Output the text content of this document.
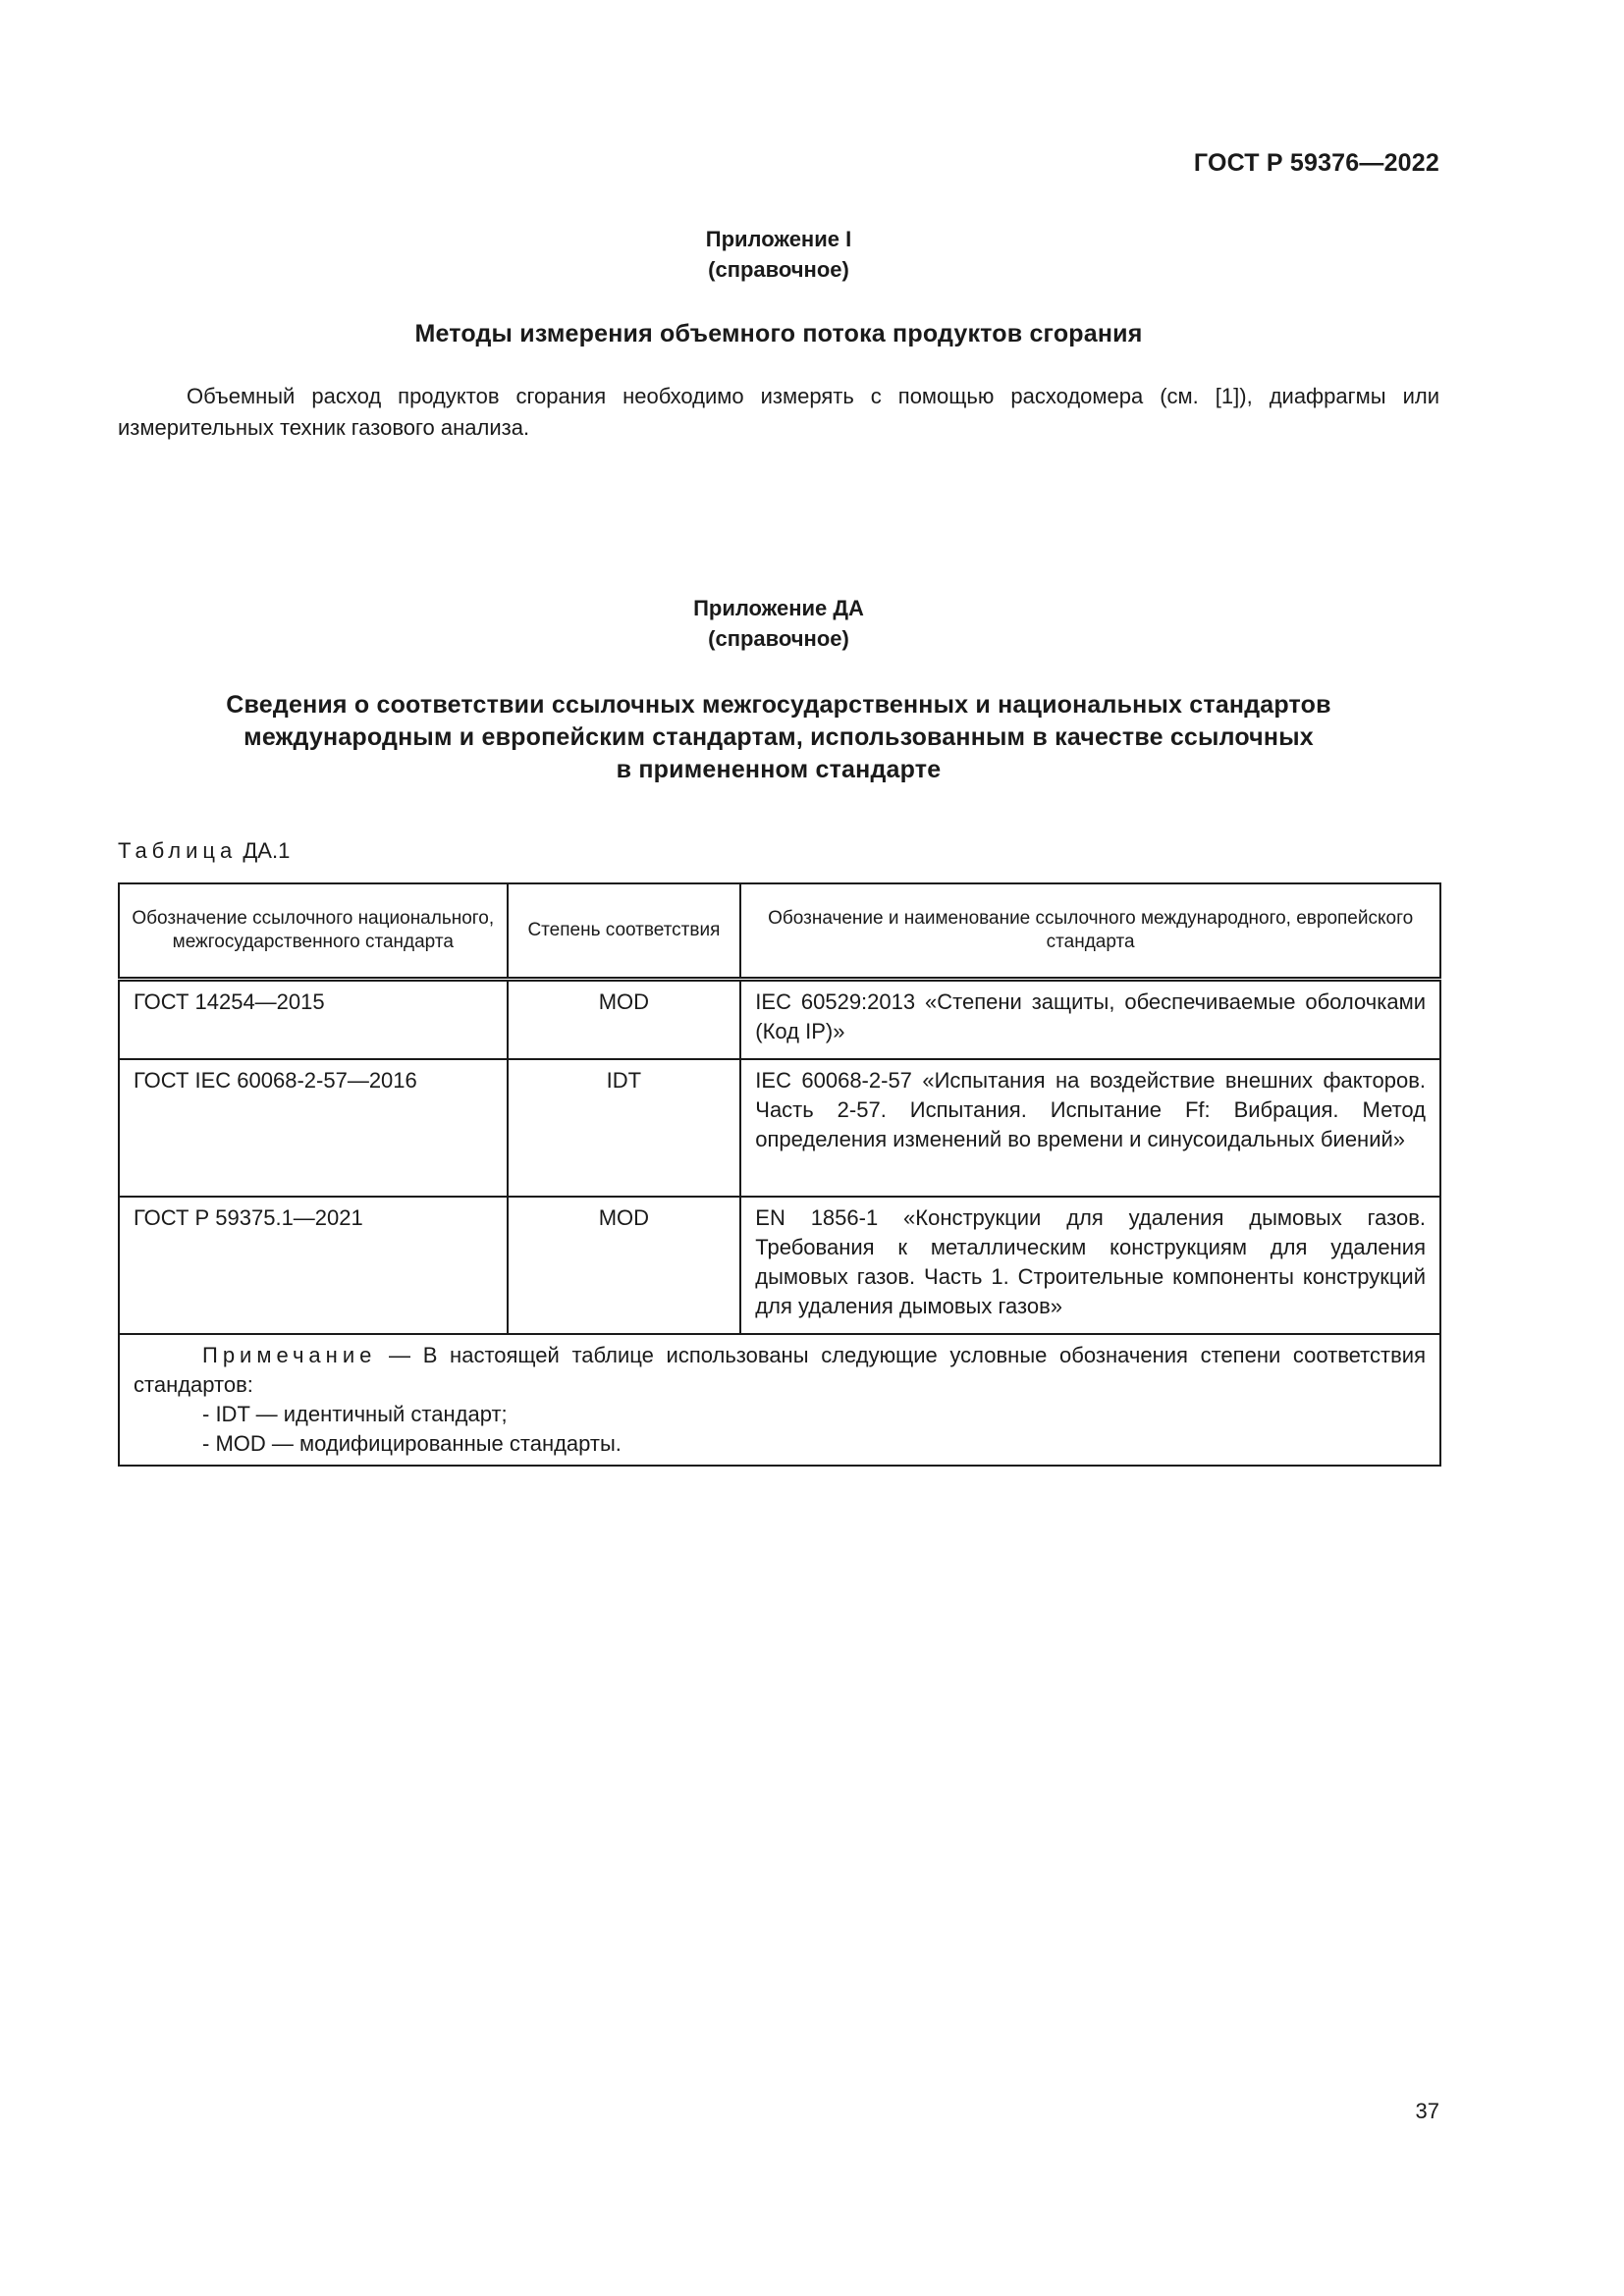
ГОСТ Р 59376—2022
Приложение I
(справочное)
Методы измерения объемного потока продуктов сгорания

Объемный расход продуктов сгорания необходимо измерять с помощью расходомера (см. [1]), диафрагмы или измерительных техник газового анализа.

Приложение ДА
(справочное)
Сведения о соответствии ссылочных межгосударственных и национальных стандартов
международным и европейским стандартам, использованным в качестве ссылочных
в примененном стандарте
Таблица ДА.1
Обозначение ссылочного национального, межгосударственного стандарта	Степень соответствия	Обозначение и наименование ссылочного международного, европейского стандарта
ГОСТ 14254—2015	MOD	IEC 60529:2013 «Степени защиты, обеспечиваемые оболочками (Код IP)»
ГОСТ IEC 60068-2-57—2016	IDT	IEC 60068-2-57 «Испытания на воздействие внешних факторов. Часть 2-57. Испытания. Испытание Ff: Вибрация. Метод определения изменений во времени и синусоидальных биений»
ГОСТ Р 59375.1—2021	MOD	EN 1856-1 «Конструкции для удаления дымовых газов. Требования к металлическим конструкциям для удаления дымовых газов. Часть 1. Строительные компоненты конструкций для удаления дымовых газов»

Примечание — В настоящей таблице использованы следующие условные обозначения степени соответствия стандартов:
- IDT — идентичный стандарт;
- MOD — модифицированные стандарты.		
37
